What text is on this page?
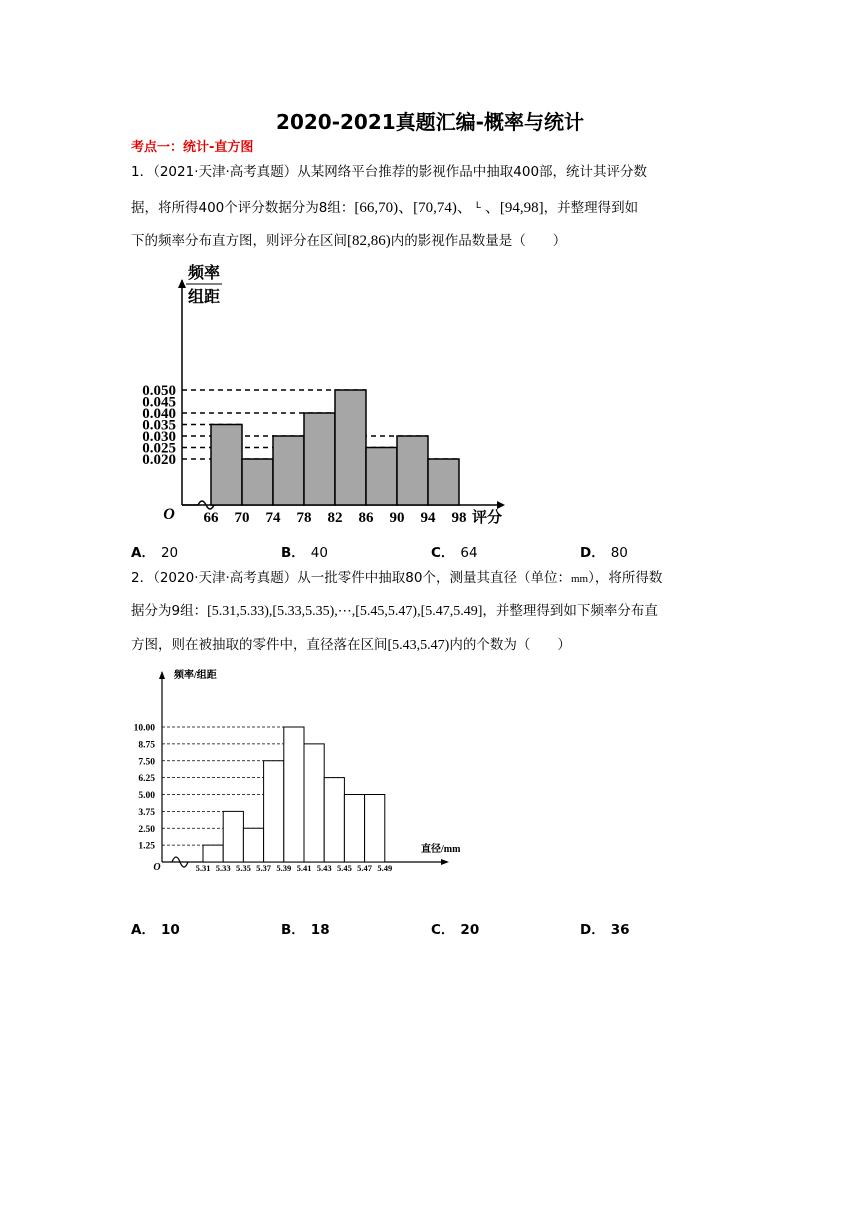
2020-2021真题汇编-概率与统计
考点一：统计-直方图
1．（2021·天津·高考真题）从某网络平台推荐的影视作品中抽取400部，统计其评分数
据，将所得400个评分数据分为8组：[66,70)、[70,74)、 $^L$ 、[94,98]，并整理得到如
下的频率分布直方图，则评分在区间[82,86)内的影视作品数量是（　　）
频率
组距
0.050
0.045
0.040
0.035
0.030
0.025
0.020
66 70 74 78 82 86 90 94 98 评分
O
A． 20	B． 40	C． 64	D． 80
2．（2020·天津·高考真题）从一批零件中抽取80个，测量其直径（单位：mm），将所得数
据分为9组：[5.31,5.33),[5.33,5.35),⋯,[5.45,5.47),[5.47,5.49]，并整理得到如下频率分布直
方图，则在被抽取的零件中，直径落在区间[5.43,5.47)内的个数为（　　）
频率/组距
10.00
8.75
7.50
6.25
5.00
3.75
2.50
1.25
5.31 5.33 5.35 5.37 5.39 5.41 5.43 5.45 5.47 5.49
直径/mm
O
A． 10	B． 18	C． 20	D． 36
